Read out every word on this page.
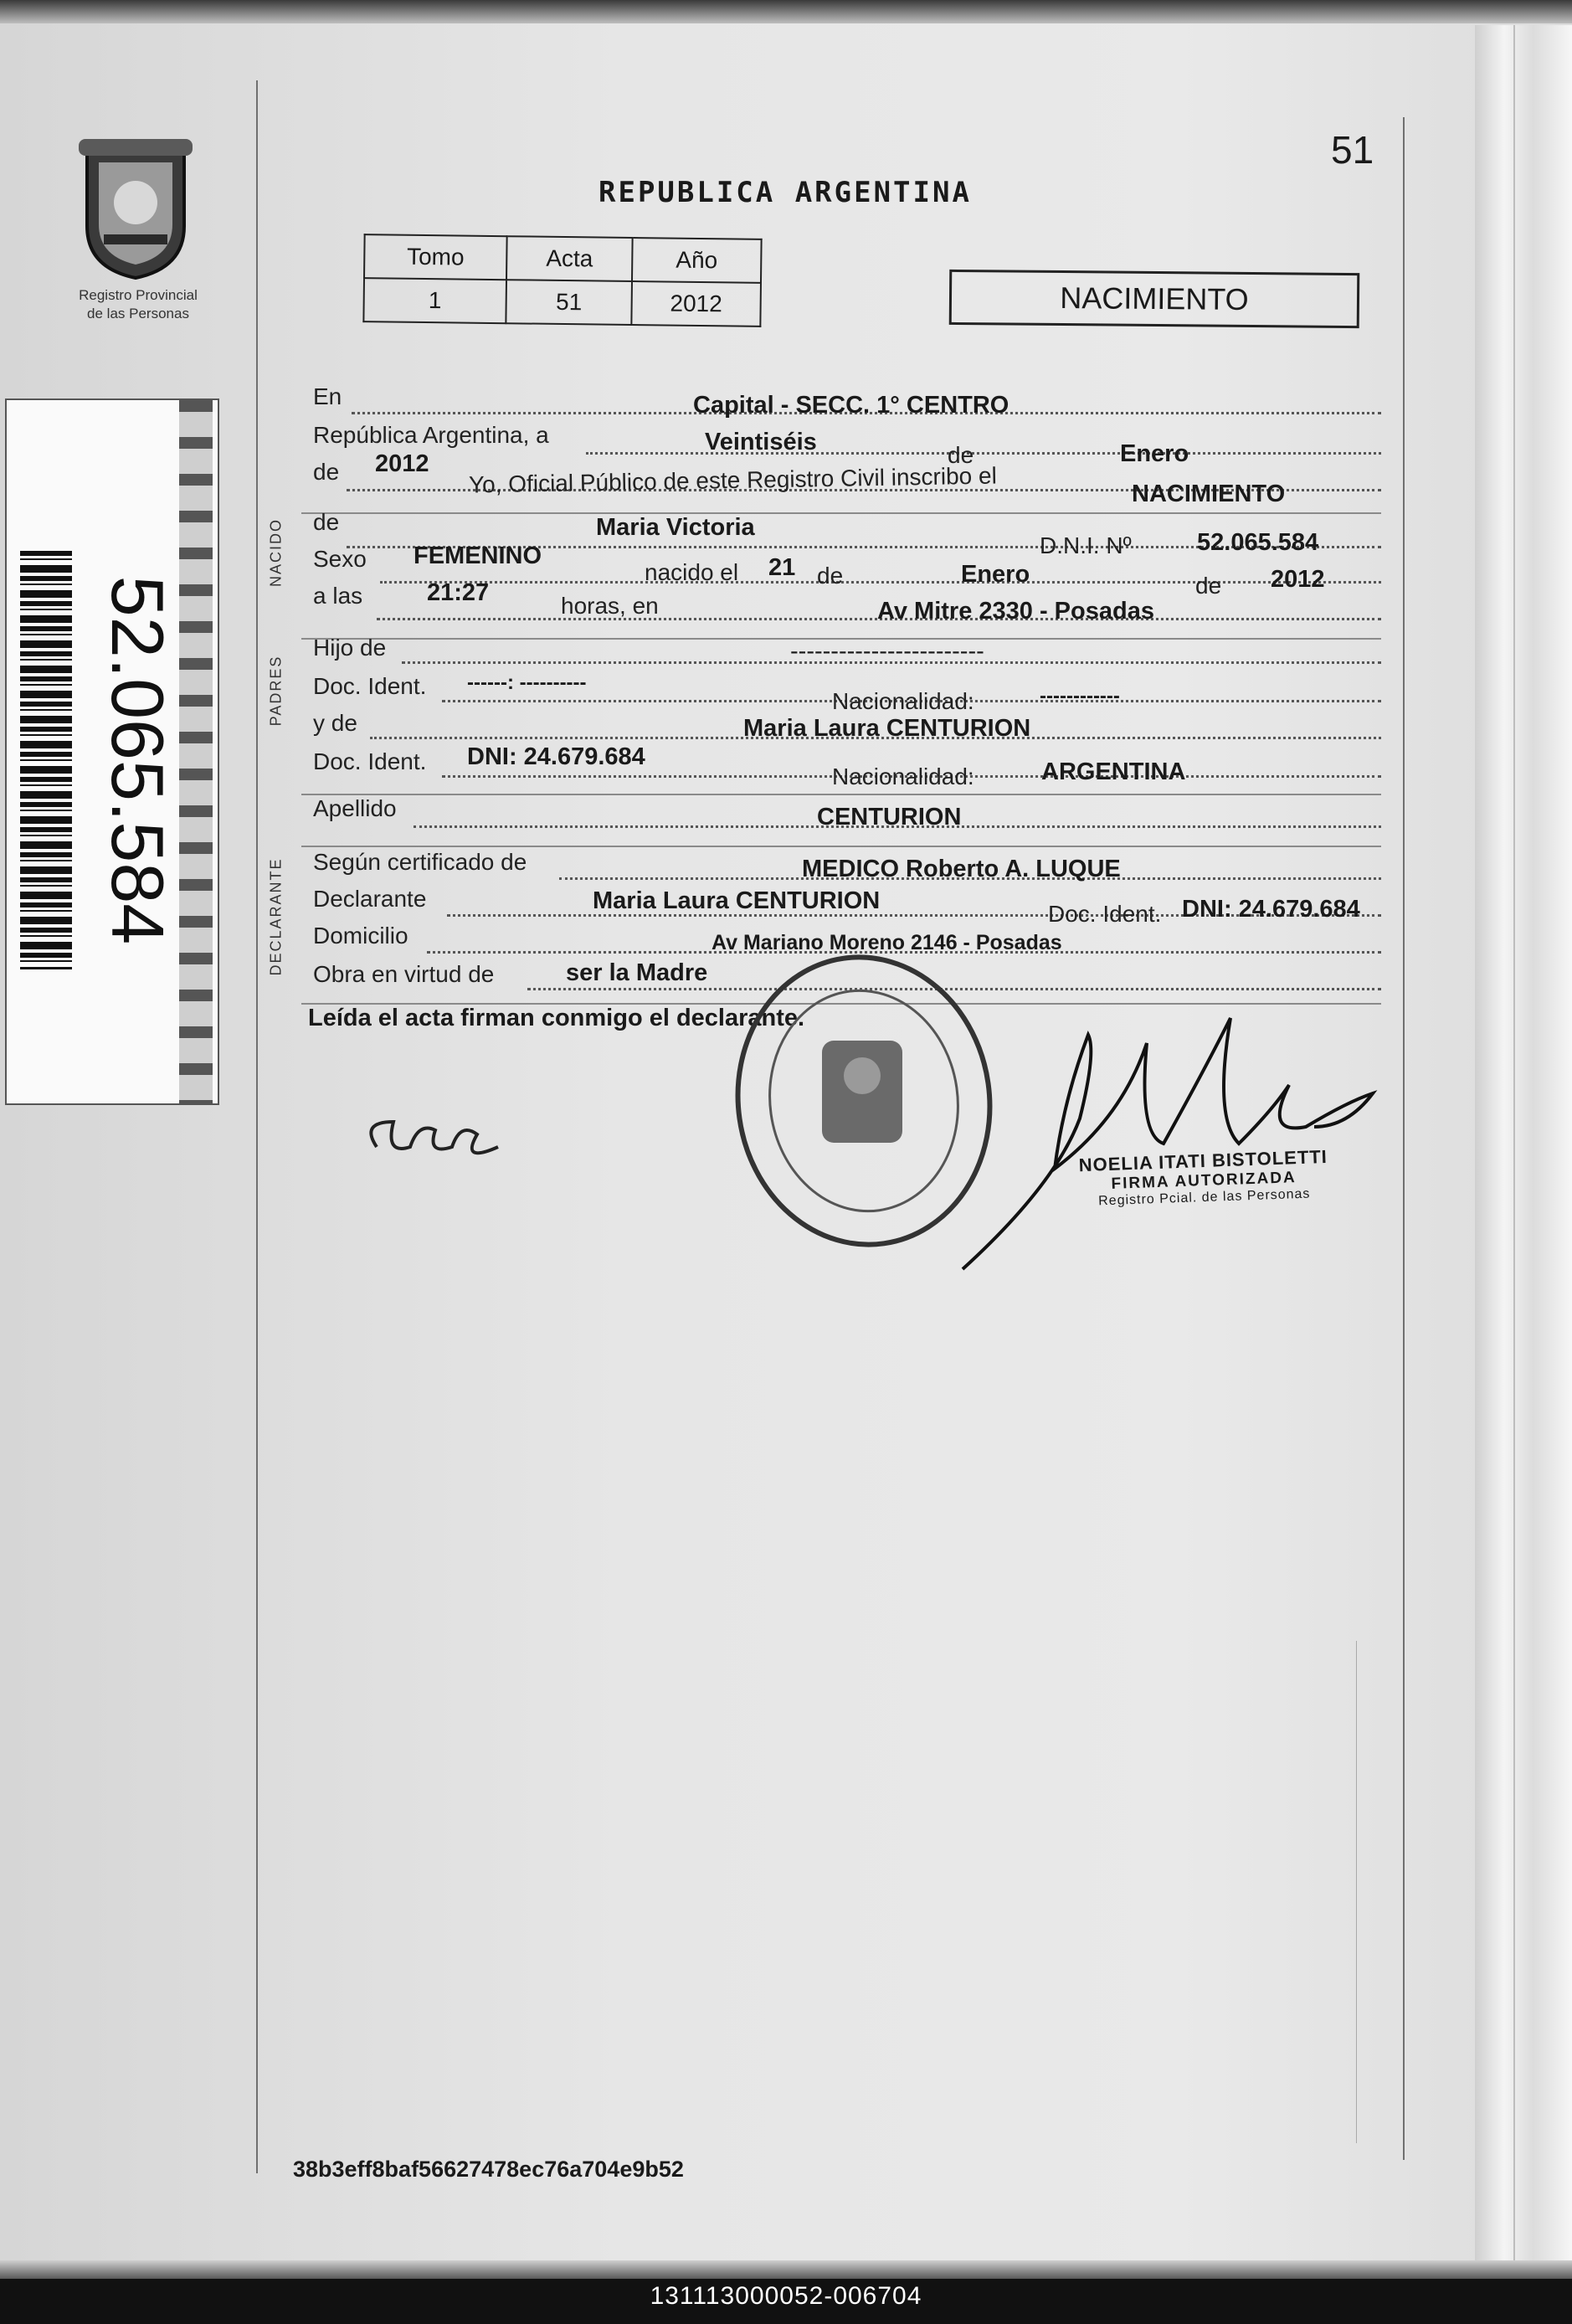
Registro Provincial
de las Personas
52.065.584
51
REPUBLICA ARGENTINA
Tomo	Acta	Año
1	51	2012	NACIMIENTO
NACIDO
PADRES
DECLARANTE
En	Capital - SECC. 1° CENTRO
República Argentina, a	Veintiséis	de	Enero
de 2012 Yo, Oficial Público de este Registro Civil inscribo el	NACIMIENTO
de	Maria Victoria
D.N.I. Nº	52.065.584
Sexo FEMENINO
nacido el 21 de	Enero	de 2012
a las	21:27	horas, en	Av Mitre 2330 - Posadas
Hijo de	------------------------
Doc. Ident. ------: ----------
Nacionalidad:	------------
y de	Maria Laura CENTURION
Doc. Ident. DNI: 24.679.684
Nacionalidad:	ARGENTINA
Apellido	CENTURION
Según certificado de	MEDICO Roberto A. LUQUE
Declarante	Maria Laura CENTURION	Doc. Ident. DNI: 24.679.684
Domicilio	Av Mariano Moreno 2146 - Posadas
Obra en virtud de	ser la Madre
Leída el acta firman conmigo el declarante.
NOELIA ITATI BISTOLETTI
FIRMA AUTORIZADA
Registro Pcial. de las Personas
38b3eff8baf56627478ec76a704e9b52
131113000052-006704
